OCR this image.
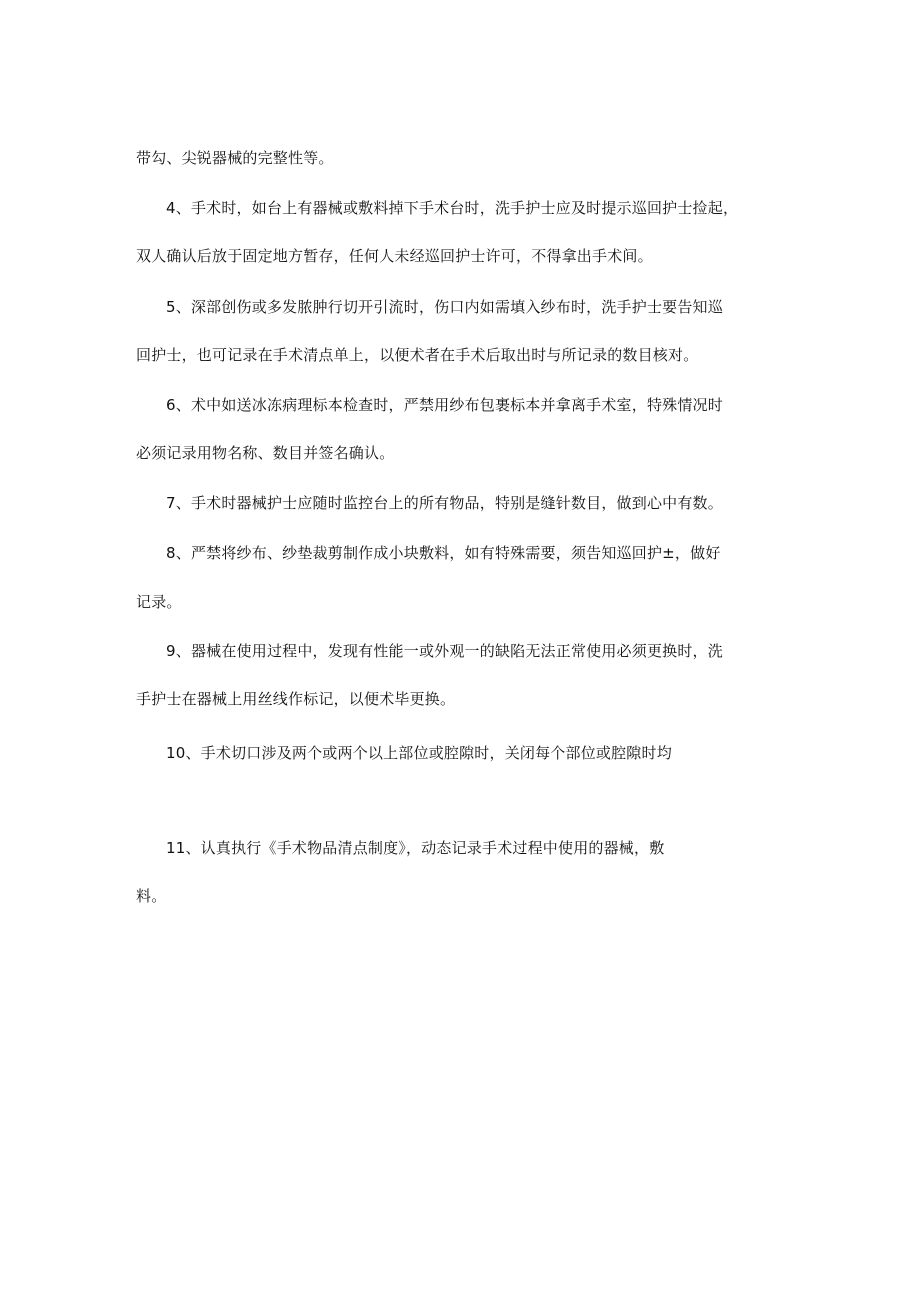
带勾、尖锐器械的完整性等。
4、手术时，如台上有器械或敷料掉下手术台时，洗手护士应及时提示巡回护士捡起，
双人确认后放于固定地方暂存，任何人未经巡回护士许可，不得拿出手术间。
5、深部创伤或多发脓肿行切开引流时，伤口内如需填入纱布时，洗手护士要告知巡
回护士，也可记录在手术清点单上，以便术者在手术后取出时与所记录的数目核对。
6、术中如送冰冻病理标本检查时，严禁用纱布包裹标本并拿离手术室，特殊情况时
必须记录用物名称、数目并签名确认。
7、手术时器械护士应随时监控台上的所有物品，特别是缝针数目，做到心中有数。
8、严禁将纱布、纱垫裁剪制作成小块敷料，如有特殊需要，须告知巡回护±，做好
记录。
9、器械在使用过程中，发现有性能一或外观一的缺陷无法正常使用必须更换时，洗
手护士在器械上用丝线作标记，以便术毕更换。
10、手术切口涉及两个或两个以上部位或腔隙时，关闭每个部位或腔隙时均
11、认真执行《手术物品清点制度》，动态记录手术过程中使用的器械，敷
料。
